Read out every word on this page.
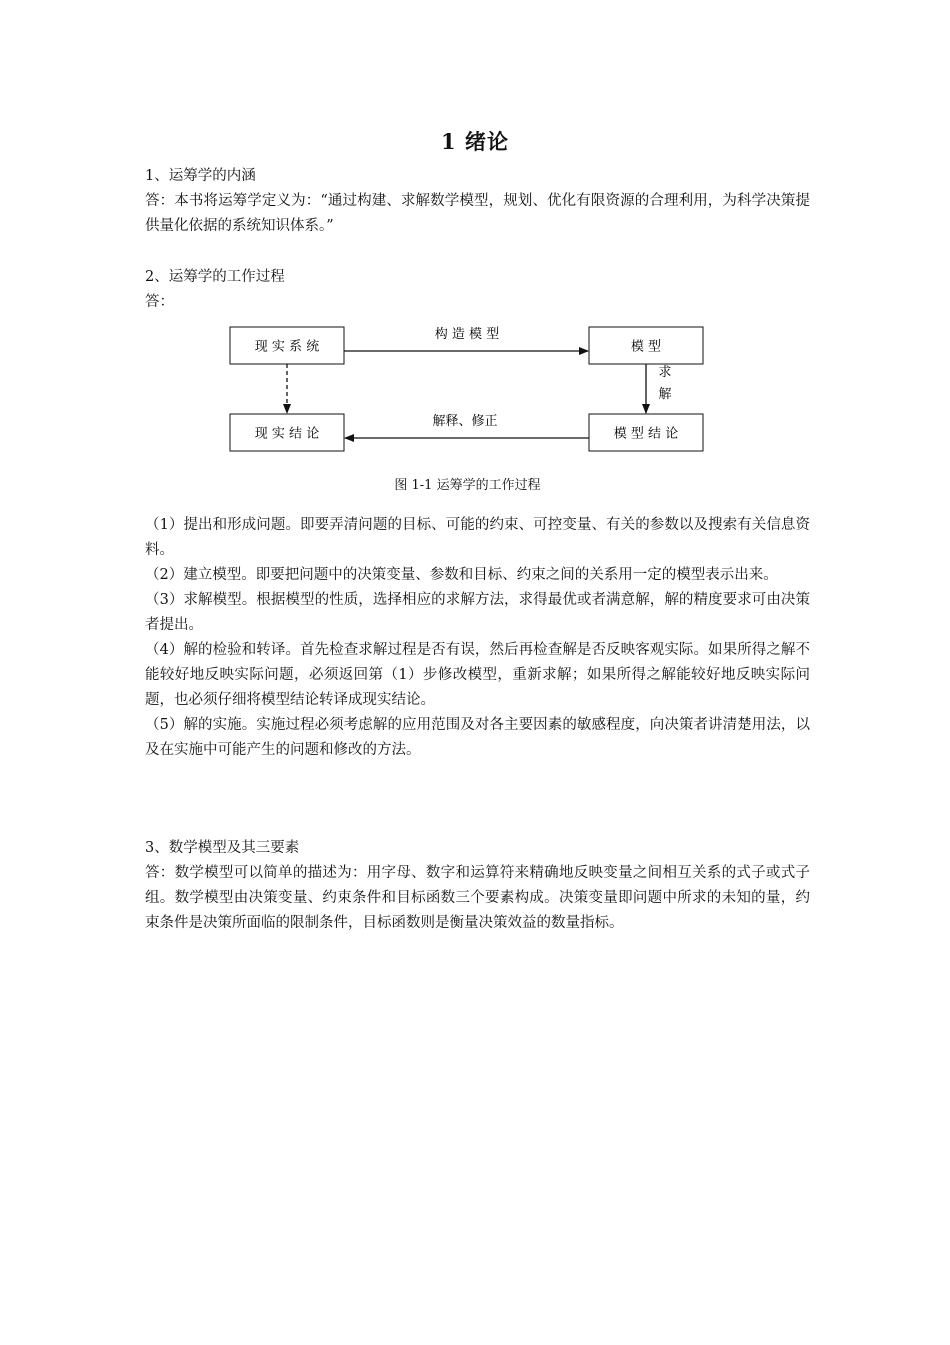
1 绪论
1、运筹学的内涵
答：本书将运筹学定义为：“通过构建、求解数学模型，规划、优化有限资源的合理利用，为科学决策提供量化依据的系统知识体系。”
2、运筹学的工作过程
答：
现 实 系 统	模 型
现 实 结 论	模 型 结 论
构 造 模 型
求
解
解释、修正
图 1-1 运筹学的工作过程
（1）提出和形成问题。即要弄清问题的目标、可能的约束、可控变量、有关的参数以及搜索有关信息资料。
（2）建立模型。即要把问题中的决策变量、参数和目标、约束之间的关系用一定的模型表示出来。
（3）求解模型。根据模型的性质，选择相应的求解方法，求得最优或者满意解，解的精度要求可由决策者提出。
（4）解的检验和转译。首先检查求解过程是否有误，然后再检查解是否反映客观实际。如果所得之解不能较好地反映实际问题，必须返回第（1）步修改模型，重新求解；如果所得之解能较好地反映实际问题，也必须仔细将模型结论转译成现实结论。
（5）解的实施。实施过程必须考虑解的应用范围及对各主要因素的敏感程度，向决策者讲清楚用法，以及在实施中可能产生的问题和修改的方法。
3、数学模型及其三要素
答：数学模型可以简单的描述为：用字母、数字和运算符来精确地反映变量之间相互关系的式子或式子组。数学模型由决策变量、约束条件和目标函数三个要素构成。决策变量即问题中所求的未知的量，约束条件是决策所面临的限制条件，目标函数则是衡量决策效益的数量指标。
